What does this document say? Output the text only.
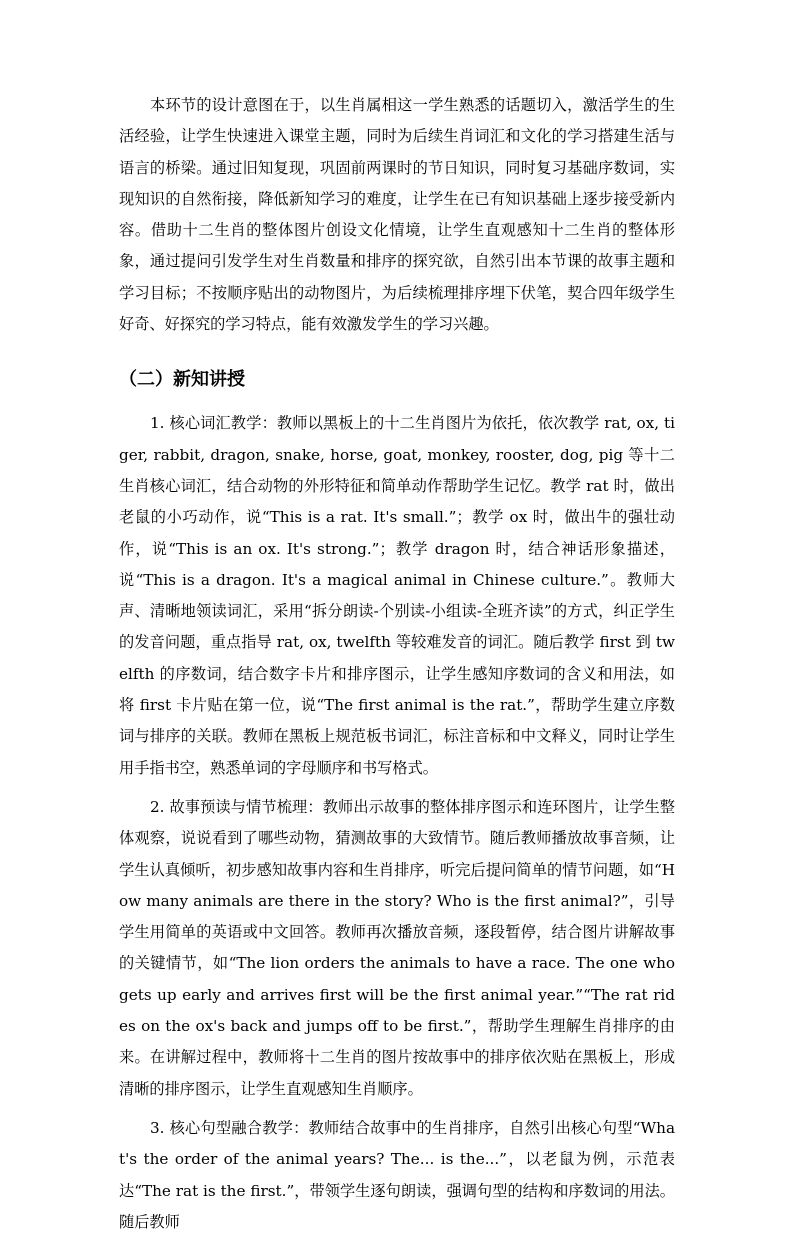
本环节的设计意图在于，以生肖属相这一学生熟悉的话题切入，激活学生的生活经验，让学生快速进入课堂主题，同时为后续生肖词汇和文化的学习搭建生活与语言的桥梁。通过旧知复现，巩固前两课时的节日知识，同时复习基础序数词，实现知识的自然衔接，降低新知学习的难度，让学生在已有知识基础上逐步接受新内容。借助十二生肖的整体图片创设文化情境，让学生直观感知十二生肖的整体形象，通过提问引发学生对生肖数量和排序的探究欲，自然引出本节课的故事主题和学习目标；不按顺序贴出的动物图片，为后续梳理排序埋下伏笔，契合四年级学生好奇、好探究的学习特点，能有效激发学生的学习兴趣。

（二）新知讲授

1. 核心词汇教学：教师以黑板上的十二生肖图片为依托，依次教学 rat, ox, tiger, rabbit, dragon, snake, horse, goat, monkey, rooster, dog, pig 等十二生肖核心词汇，结合动物的外形特征和简单动作帮助学生记忆。教学 rat 时，做出老鼠的小巧动作，说“This is a rat. It's small.”；教学 ox 时，做出牛的强壮动作，说“This is an ox. It's strong.”；教学 dragon 时，结合神话形象描述，说“This is a dragon. It's a magical animal in Chinese culture.”。教师大声、清晰地领读词汇，采用“拆分朗读-个别读-小组读-全班齐读”的方式，纠正学生的发音问题，重点指导 rat, ox, twelfth 等较难发音的词汇。随后教学 first 到 twelfth 的序数词，结合数字卡片和排序图示，让学生感知序数词的含义和用法，如将 first 卡片贴在第一位，说“The first animal is the rat.”，帮助学生建立序数词与排序的关联。教师在黑板上规范板书词汇，标注音标和中文释义，同时让学生用手指书空，熟悉单词的字母顺序和书写格式。

2. 故事预读与情节梳理：教师出示故事的整体排序图示和连环图片，让学生整体观察，说说看到了哪些动物，猜测故事的大致情节。随后教师播放故事音频，让学生认真倾听，初步感知故事内容和生肖排序，听完后提问简单的情节问题，如“How many animals are there in the story? Who is the first animal?”，引导学生用简单的英语或中文回答。教师再次播放音频，逐段暂停，结合图片讲解故事的关键情节，如“The lion orders the animals to have a race. The one who gets up early and arrives first will be the first animal year.”“The rat rides on the ox's back and jumps off to be first.”，帮助学生理解生肖排序的由来。在讲解过程中，教师将十二生肖的图片按故事中的排序依次贴在黑板上，形成清晰的排序图示，让学生直观感知生肖顺序。

3. 核心句型融合教学：教师结合故事中的生肖排序，自然引出核心句型“What's the order of the animal years? The... is the...”，以老鼠为例，示范表达“The rat is the first.”，带领学生逐句朗读，强调句型的结构和序数词的用法。随后教师
